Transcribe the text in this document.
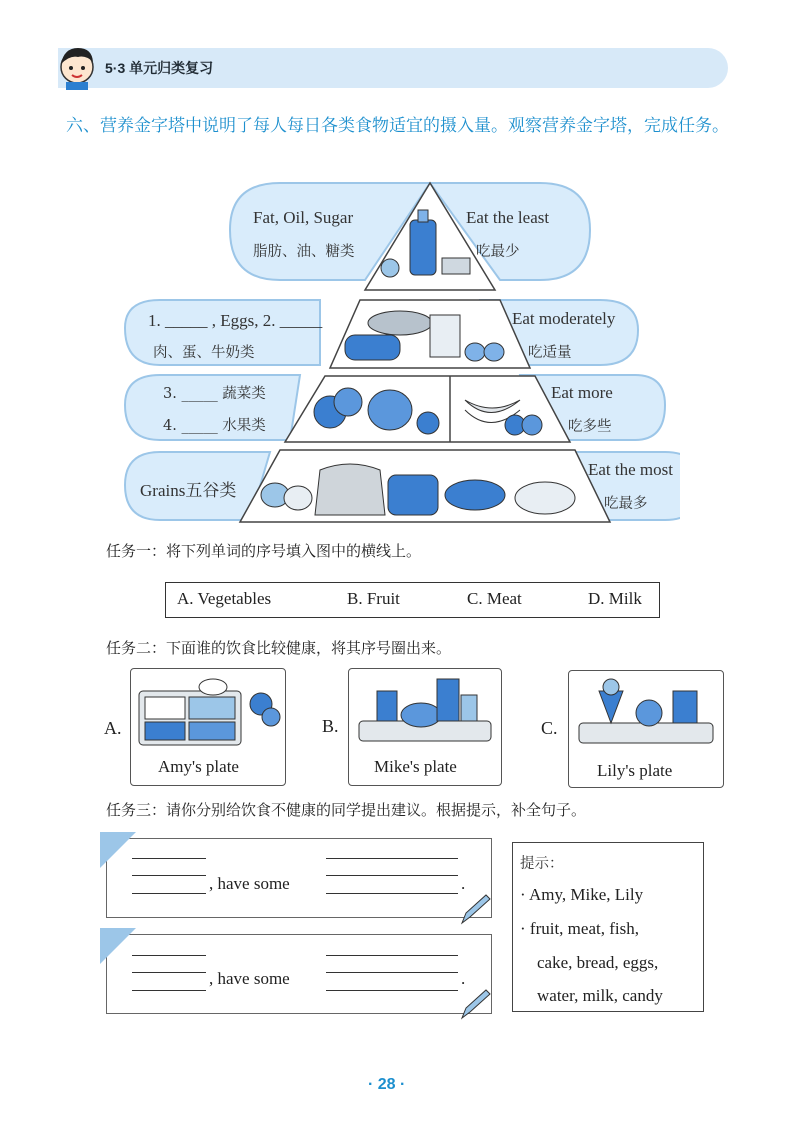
5·3 单元归类复习
六、营养金字塔中说明了每人每日各类食物适宜的摄入量。观察营养金字塔，完成任务。
Fat, Oil, Sugar
脂肪、油、糖类
Eat the least
吃最少
1. _____ , Eggs, 2. _____
肉、蛋、牛奶类
Eat moderately
吃适量
3. _____ 蔬菜类
4. _____ 水果类
Eat more
吃多些
Grains五谷类
Eat the most
吃最多
任务一：将下列单词的序号填入图中的横线上。
A. Vegetables	B. Fruit	C. Meat	D. Milk
任务二：下面谁的饮食比较健康，将其序号圈出来。
A.
Amy's plate
B.
Mike's plate
C.
Lily's plate
任务三：请你分别给饮食不健康的同学提出建议。根据提示，补全句子。
, have some	.
, have some	.
提示：
· Amy, Mike, Lily
· fruit, meat, fish,
cake, bread, eggs,
water, milk, candy
· 28 ·
